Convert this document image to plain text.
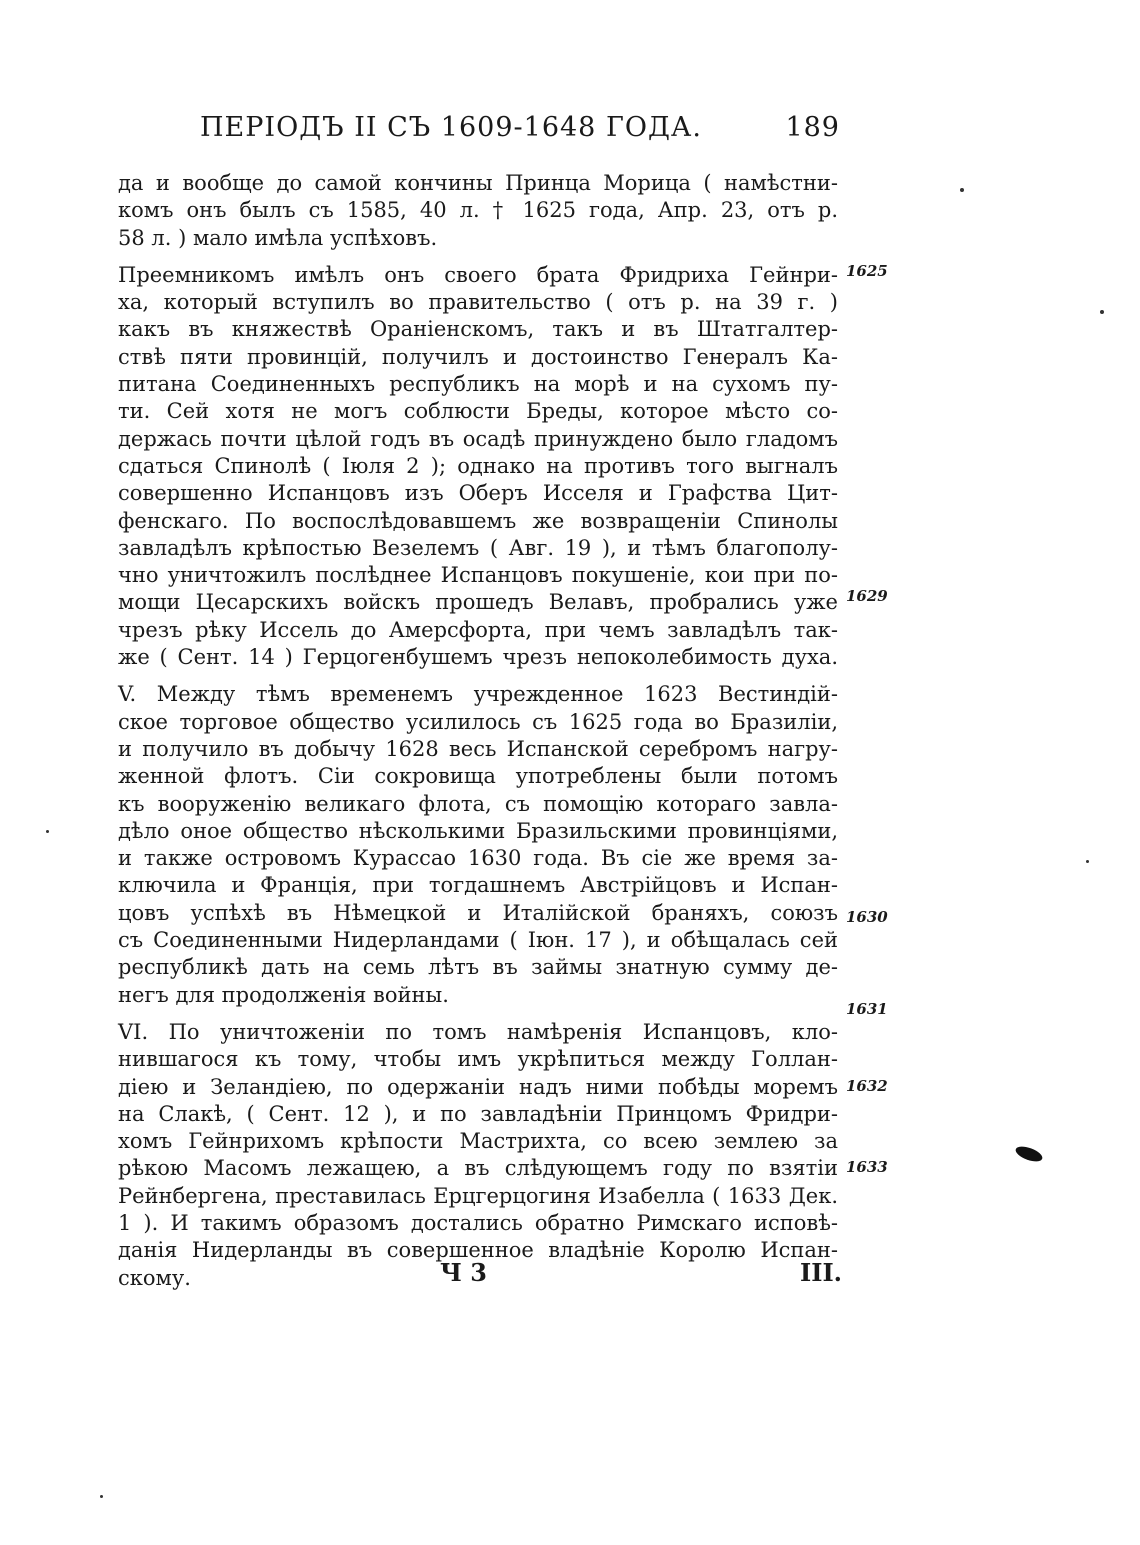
ПЕРIОДЪ II СЪ 1609-1648 ГОДА.	189
да и вообще до самой кончины Принца Морица ( намѣстни-
комъ онъ былъ съ 1585, 40 л. † 1625 года, Апр. 23, отъ р.
58 л. ) мало имѣла успѣховъ.
Преемникомъ имѣлъ онъ своего брата Фридриха Гейнри-
ха, который вступилъ во правительство ( отъ р. на 39 г. )
какъ въ княжествѣ Оранiенскомъ, такъ и въ Штатгалтер-
ствѣ пяти провинцiй, получилъ и достоинство Генералъ Ка-
питана Соединенныхъ республикъ на морѣ и на сухомъ пу-
ти. Сей хотя не могъ соблюсти Бреды, которое мѣсто со-
держась почти цѣлой годъ въ осадѣ принуждено было гладомъ
сдаться Спинолѣ ( Iюля 2 ); однако на противъ того выгналъ
совершенно Испанцовъ изъ Оберъ Исселя и Графства Цит-
фенскаго. По воспослѣдовавшемъ же возвращенiи Спинолы
завладѣлъ крѣпостью Везелемъ ( Авг. 19 ), и тѣмъ благополу-
чно уничтожилъ послѣднее Испанцовъ покушенiе, кои при по-
мощи Цесарскихъ войскъ прошедъ Велавъ, пробрались уже
чрезъ рѣку Иссель до Амерсфорта, при чемъ завладѣлъ так-
же ( Сент. 14 ) Герцогенбушемъ чрезъ непоколебимость духа.
V. Между тѣмъ временемъ учрежденное 1623 Вестиндiй-
ское торговое общество усилилось съ 1625 года во Бразилiи,
и получило въ добычу 1628 весь Испанской серебромъ нагру-
женной флотъ. Сiи сокровища употреблены были потомъ
къ вооруженiю великаго флота, съ помощiю котораго завла-
дѣло оное общество нѣсколькими Бразильскими провинцiями,
и также островомъ Курассао 1630 года. Въ сiе же время за-
ключила и Францiя, при тогдашнемъ Австрiйцовъ и Испан-
цовъ успѣхѣ въ Нѣмецкой и Италiйской браняхъ, союзъ
съ Соединенными Нидерландами ( Iюн. 17 ), и обѣщалась сей
республикѣ дать на семь лѣтъ въ займы знатную сумму де-
негъ для продолженiя войны.
VI. По уничтоженiи по томъ намѣренiя Испанцовъ, кло-
нившагося къ тому, чтобы имъ укрѣпиться между Голлан-
дiею и Зеландiею, по одержанiи надъ ними побѣды моремъ
на Слакѣ, ( Сент. 12 ), и по завладѣнiи Принцомъ Фридри-
хомъ Гейнрихомъ крѣпости Мастрихта, со всею землею за
рѣкою Масомъ лежащею, а въ слѣдующемъ году по взятiи
Рейнбергена, преставилась Ерцгерцогиня Изабелла ( 1633 Дек.
1 ). И такимъ образомъ достались обратно Римскаго исповѣ-
данiя Нидерланды въ совершенное владѣнiе Королю Испан-
скому.
1625
1629
1630
1631
1632
1633
Ч 3	III.
